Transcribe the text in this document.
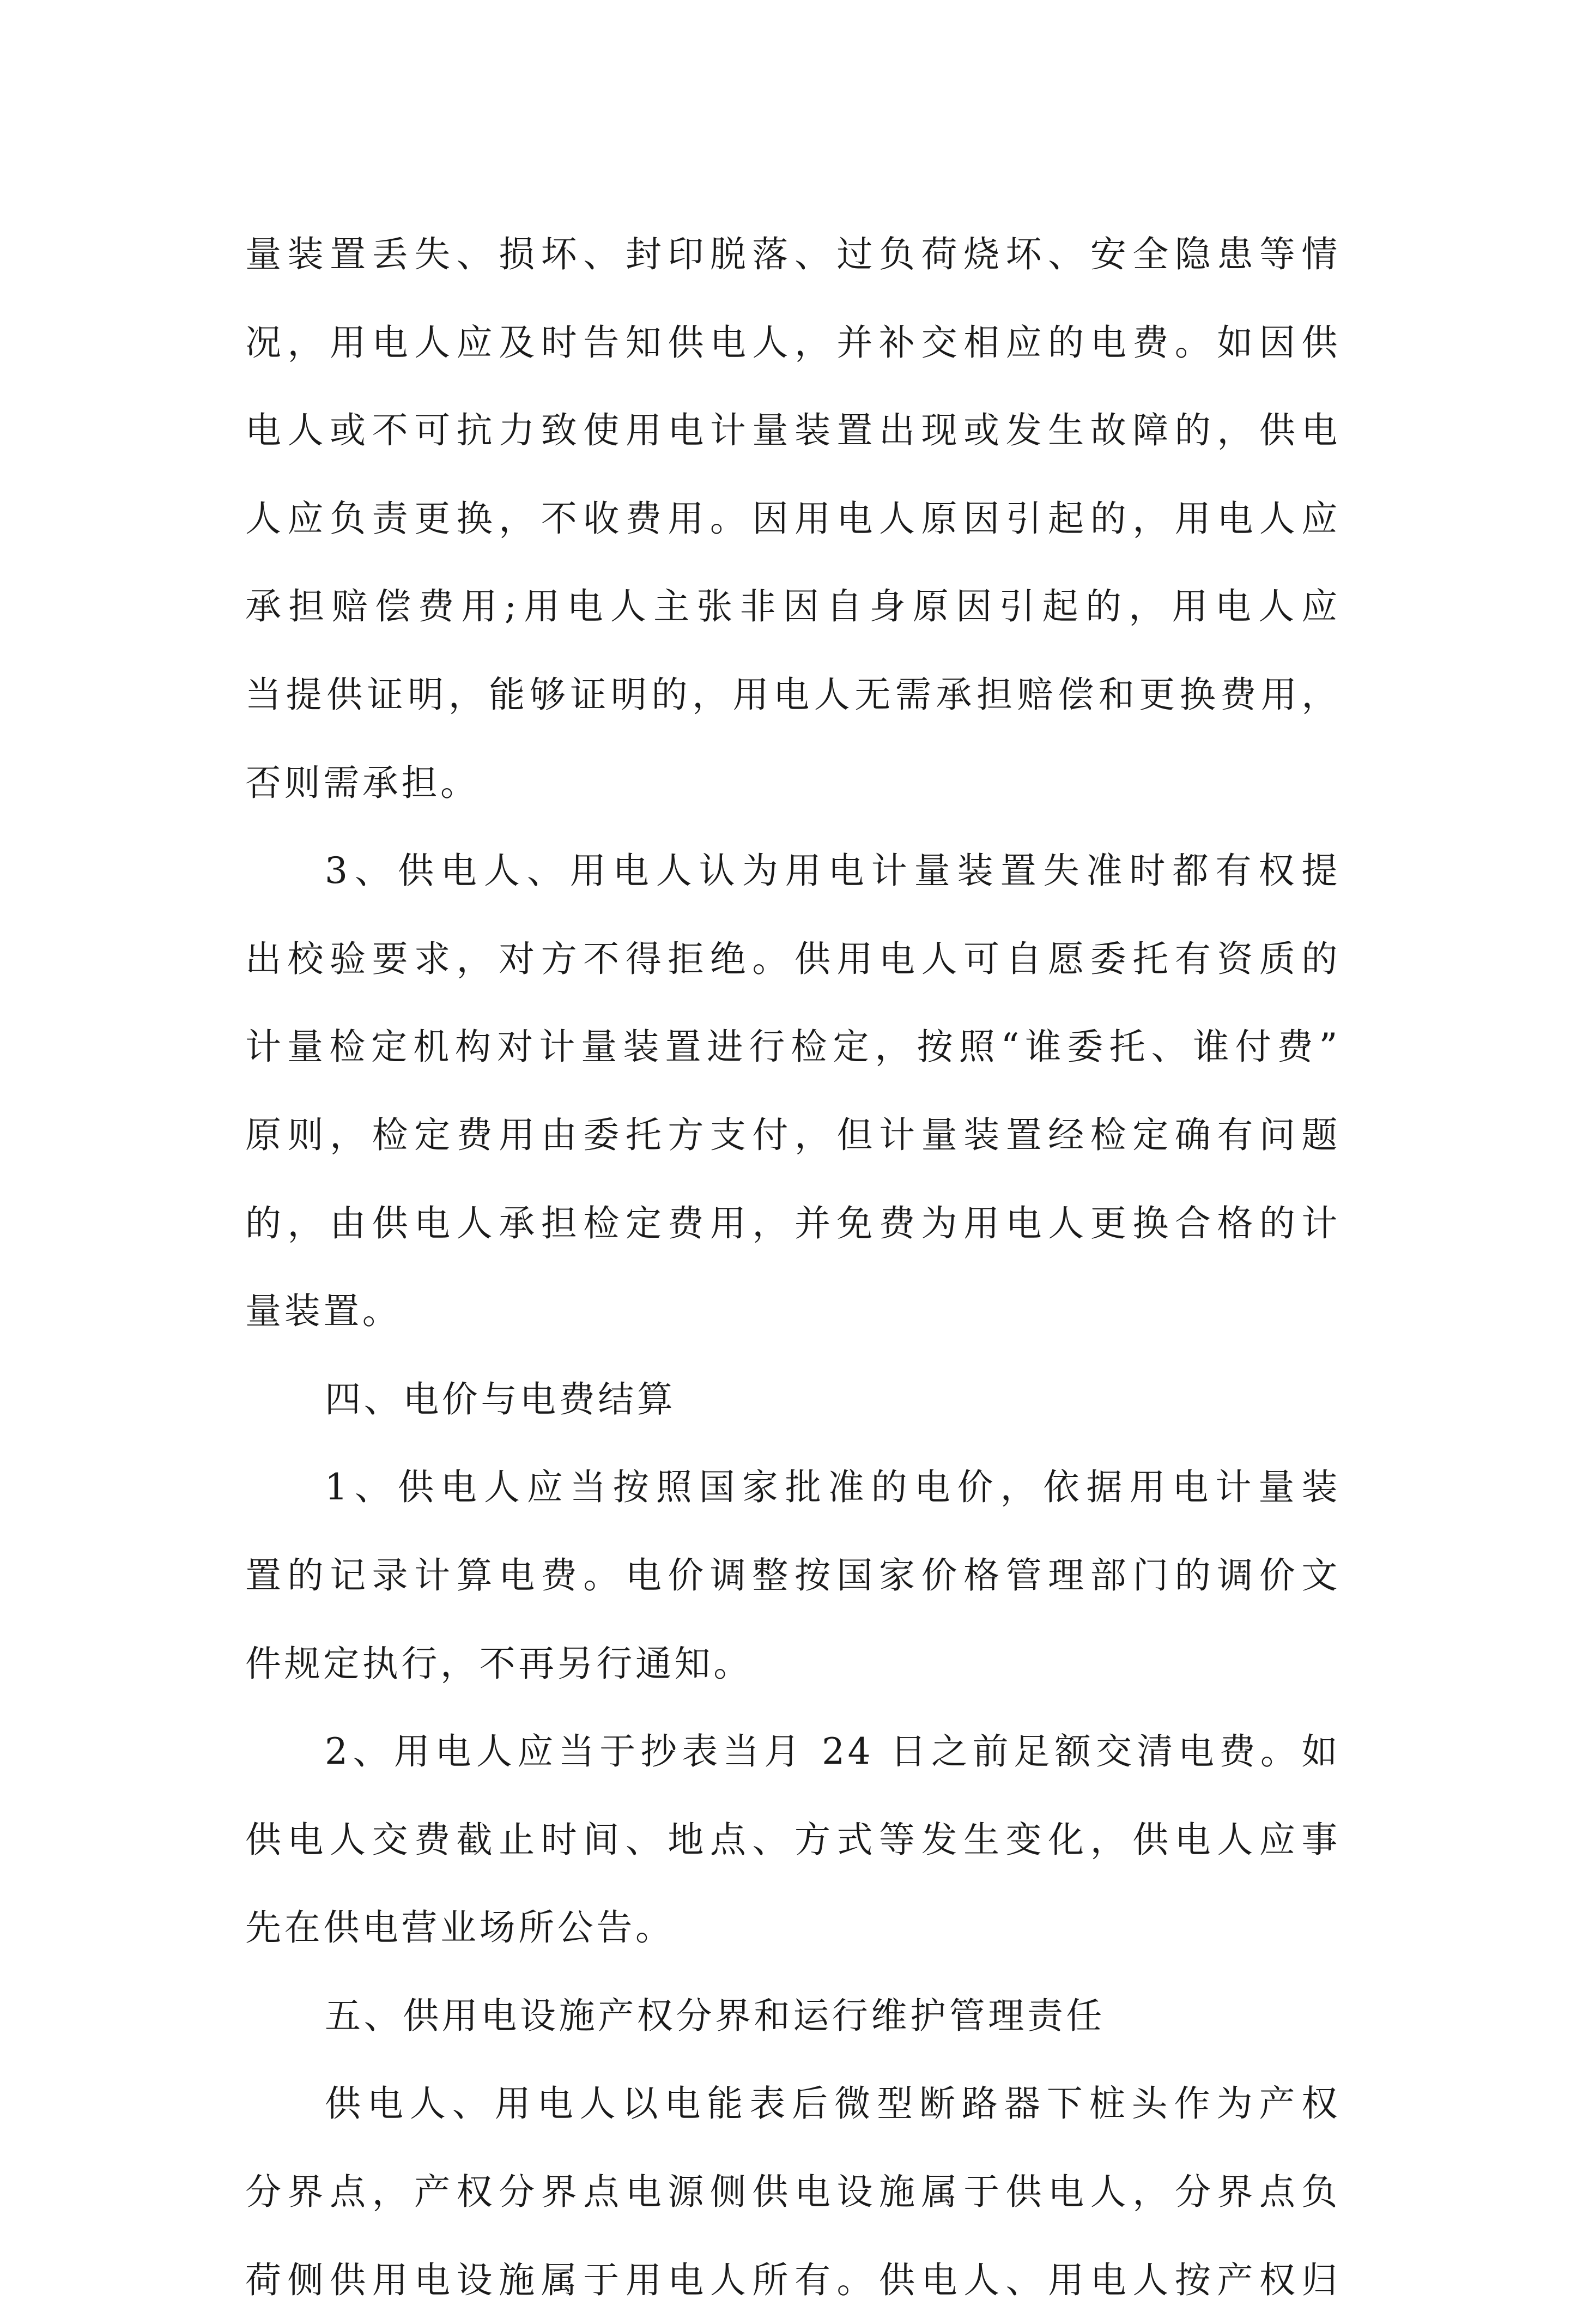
量装置丢失、损坏、封印脱落、过负荷烧坏、安全隐患等情
况，用电人应及时告知供电人，并补交相应的电费。如因供
电人或不可抗力致使用电计量装置出现或发生故障的，供电
人应负责更换，不收费用。因用电人原因引起的，用电人应
承担赔偿费用;用电人主张非因自身原因引起的，用电人应
当提供证明，能够证明的，用电人无需承担赔偿和更换费用，
否则需承担。
3、供电人、用电人认为用电计量装置失准时都有权提
出校验要求，对方不得拒绝。供用电人可自愿委托有资质的
计量检定机构对计量装置进行检定，按照“谁委托、谁付费”
原则，检定费用由委托方支付，但计量装置经检定确有问题
的，由供电人承担检定费用，并免费为用电人更换合格的计
量装置。
四、电价与电费结算
1、供电人应当按照国家批准的电价，依据用电计量装
置的记录计算电费。电价调整按国家价格管理部门的调价文
件规定执行，不再另行通知。
2、用电人应当于抄表当月 24 日之前足额交清电费。如
供电人交费截止时间、地点、方式等发生变化，供电人应事
先在供电营业场所公告。
五、供用电设施产权分界和运行维护管理责任
供电人、用电人以电能表后微型断路器下桩头作为产权
分界点，产权分界点电源侧供电设施属于供电人，分界点负
荷侧供用电设施属于用电人所有。供电人、用电人按产权归
